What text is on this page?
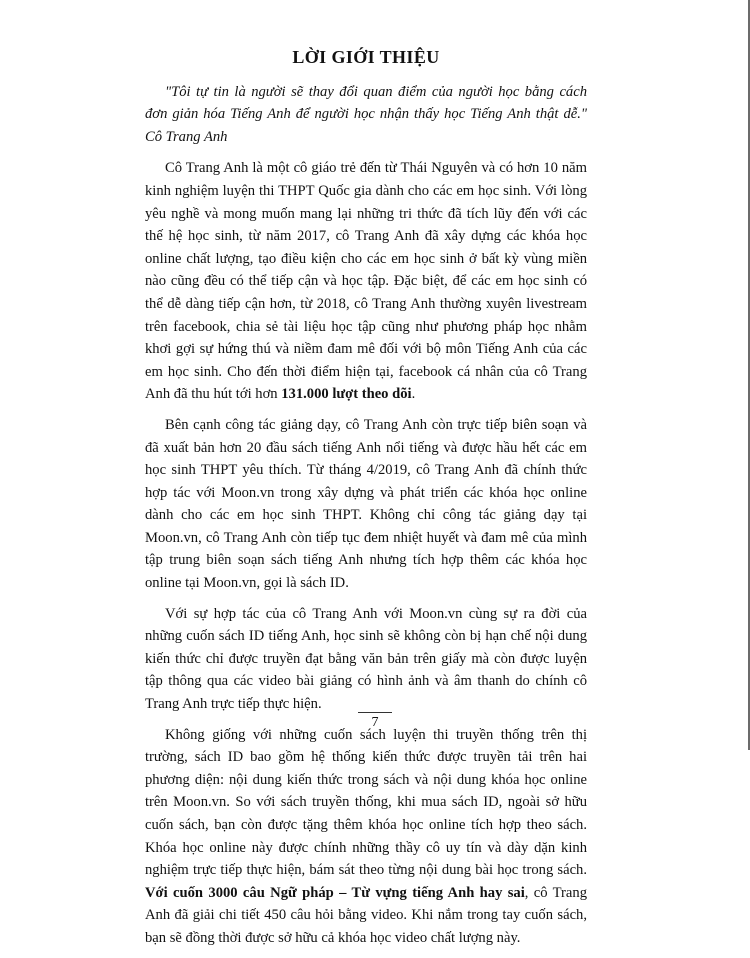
LỜI GIỚI THIỆU

"Tôi tự tin là người sẽ thay đổi quan điểm của người học bằng cách đơn giản hóa Tiếng Anh để người học nhận thấy học Tiếng Anh thật dễ." Cô Trang Anh

Cô Trang Anh là một cô giáo trẻ đến từ Thái Nguyên và có hơn 10 năm kinh nghiệm luyện thi THPT Quốc gia dành cho các em học sinh. Với lòng yêu nghề và mong muốn mang lại những tri thức đã tích lũy đến với các thế hệ học sinh, từ năm 2017, cô Trang Anh đã xây dựng các khóa học online chất lượng, tạo điều kiện cho các em học sinh ở bất kỳ vùng miền nào cũng đều có thể tiếp cận và học tập. Đặc biệt, để các em học sinh có thể dễ dàng tiếp cận hơn, từ 2018, cô Trang Anh thường xuyên livestream trên facebook, chia sẻ tài liệu học tập cũng như phương pháp học nhằm khơi gợi sự hứng thú và niềm đam mê đối với bộ môn Tiếng Anh của các em học sinh. Cho đến thời điểm hiện tại, facebook cá nhân của cô Trang Anh đã thu hút tới hơn 131.000 lượt theo dõi.

Bên cạnh công tác giảng dạy, cô Trang Anh còn trực tiếp biên soạn và đã xuất bản hơn 20 đầu sách tiếng Anh nổi tiếng và được hầu hết các em học sinh THPT yêu thích. Từ tháng 4/2019, cô Trang Anh đã chính thức hợp tác với Moon.vn trong xây dựng và phát triển các khóa học online dành cho các em học sinh THPT. Không chỉ công tác giảng dạy tại Moon.vn, cô Trang Anh còn tiếp tục đem nhiệt huyết và đam mê của mình tập trung biên soạn sách tiếng Anh nhưng tích hợp thêm các khóa học online tại Moon.vn, gọi là sách ID.

Với sự hợp tác của cô Trang Anh với Moon.vn cùng sự ra đời của những cuốn sách ID tiếng Anh, học sinh sẽ không còn bị hạn chế nội dung kiến thức chỉ được truyền đạt bằng văn bản trên giấy mà còn được luyện tập thông qua các video bài giảng có hình ảnh và âm thanh do chính cô Trang Anh trực tiếp thực hiện.

Không giống với những cuốn sách luyện thi truyền thống trên thị trường, sách ID bao gồm hệ thống kiến thức được truyền tải trên hai phương diện: nội dung kiến thức trong sách và nội dung khóa học online trên Moon.vn. So với sách truyền thống, khi mua sách ID, ngoài sở hữu cuốn sách, bạn còn được tặng thêm khóa học online tích hợp theo sách. Khóa học online này được chính những thầy cô uy tín và dày dặn kinh nghiệm trực tiếp thực hiện, bám sát theo từng nội dung bài học trong sách. Với cuốn 3000 câu Ngữ pháp – Từ vựng tiếng Anh hay sai, cô Trang Anh đã giải chi tiết 450 câu hỏi bằng video. Khi nắm trong tay cuốn sách, bạn sẽ đồng thời được sở hữu cả khóa học video chất lượng này.

7
